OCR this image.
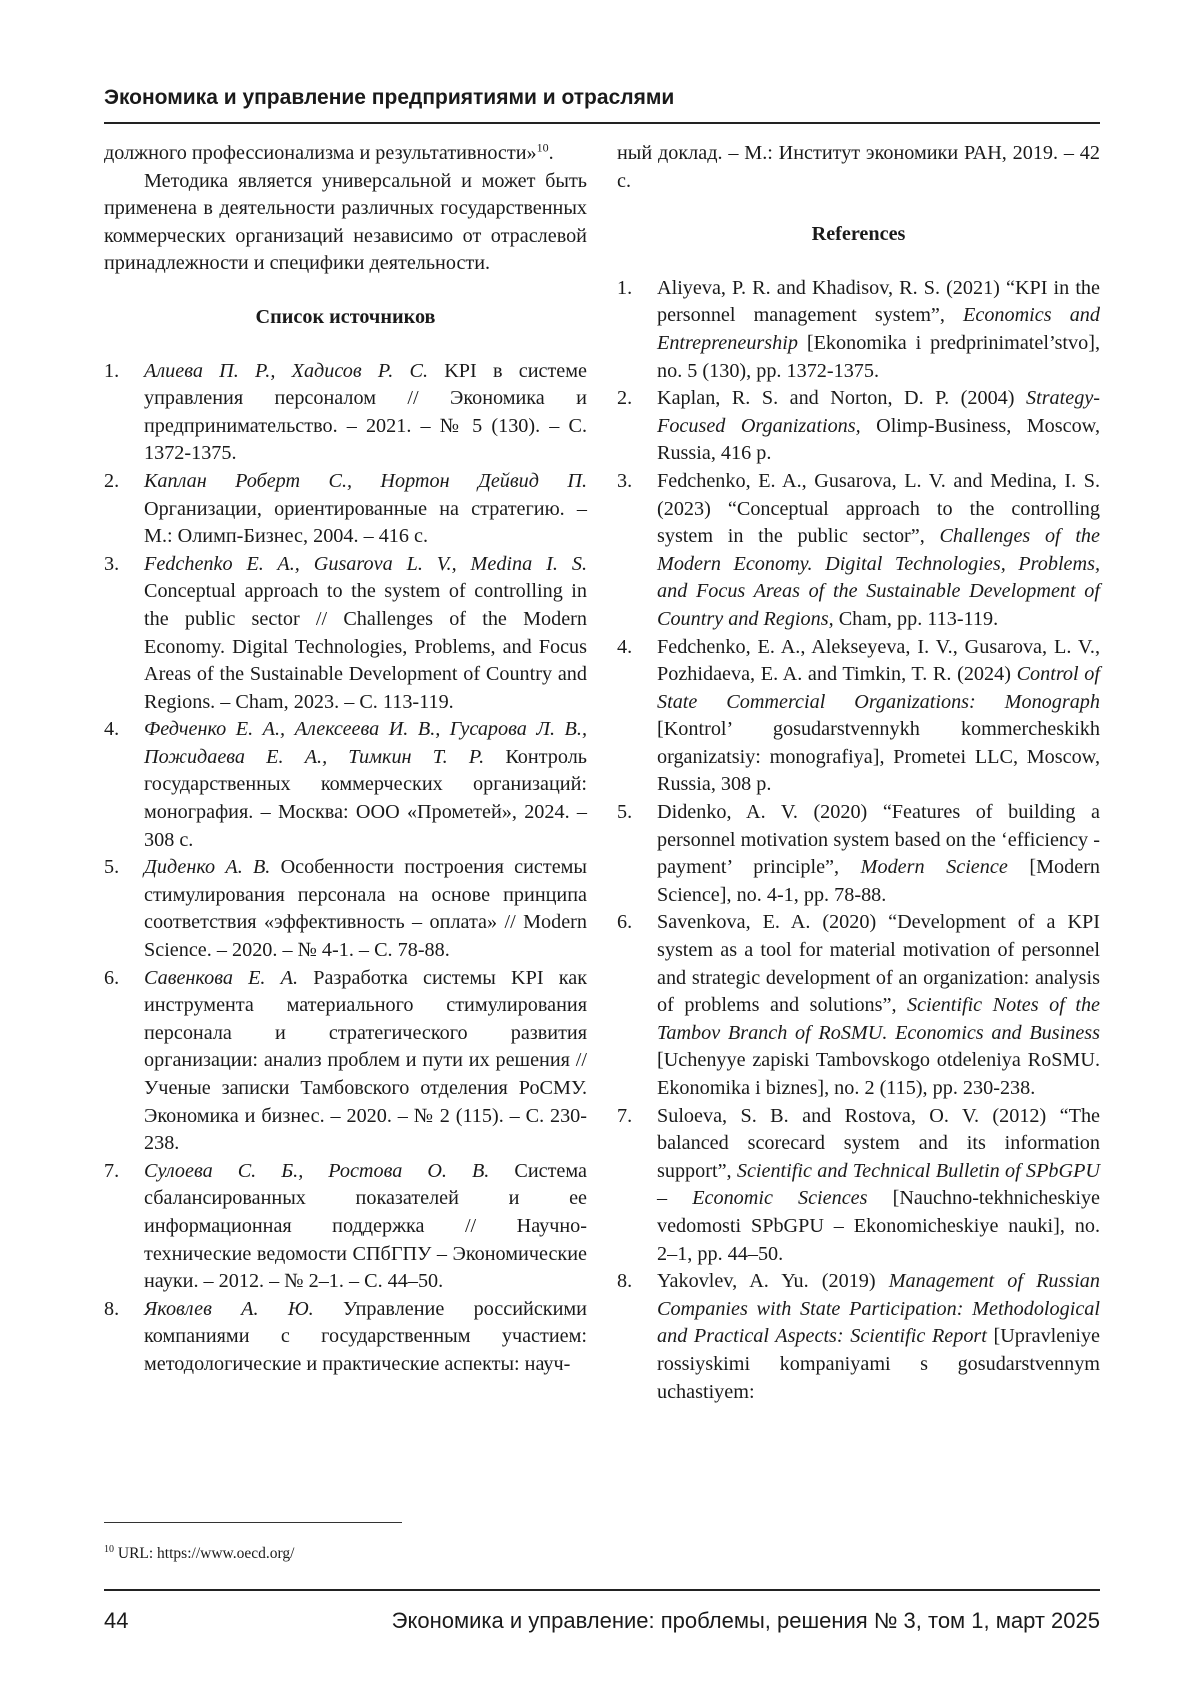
Экономика и управление предприятиями и отраслями

должного профессионализма и результативности»$^{10}$.

Методика является универсальной и может быть применена в деятельности различных государственных коммерческих организаций независимо от отраслевой принадлежности и специфики деятельности.

Список источников

1. Алиева П. Р., Хадисов Р. С. KPI в системе управления персоналом // Экономика и предпринимательство. – 2021. – № 5 (130). – С. 1372-1375.
2. Каплан Роберт С., Нортон Дейвид П. Организации, ориентированные на стратегию. – М.: Олимп-Бизнес, 2004. – 416 с.
3. Fedchenko E. A., Gusarova L. V., Medina I. S. Conceptual approach to the system of controlling in the public sector // Challenges of the Modern Economy. Digital Technologies, Problems, and Focus Areas of the Sustainable Development of Country and Regions. – Cham, 2023. – С. 113-119.
4. Федченко Е. А., Алексеева И. В., Гусарова Л. В., Пожидаева Е. А., Тимкин Т. Р. Контроль государственных коммерческих организаций: монография. – Москва: ООО «Прометей», 2024. – 308 с.
5. Диденко А. В. Особенности построения системы стимулирования персонала на основе принципа соответствия «эффективность – оплата» // Modern Science. – 2020. – № 4-1. – С. 78-88.
6. Савенкова Е. А. Разработка системы KPI как инструмента материального стимулирования персонала и стратегического развития организации: анализ проблем и пути их решения // Ученые записки Тамбовского отделения РоСМУ. Экономика и бизнес. – 2020. – № 2 (115). – С. 230-238.
7. Сулоева С. Б., Ростова О. В. Система сбалансированных показателей и ее информационная поддержка // Научно-технические ведомости СПбГПУ – Экономические науки. – 2012. – № 2–1. – С. 44–50.
8. Яковлев А. Ю. Управление российскими компаниями с государственным участием: методологические и практические аспекты: науч-

ный доклад. – М.: Институт экономики РАН, 2019. – 42 с.

References

1. Aliyeva, P. R. and Khadisov, R. S. (2021) “KPI in the personnel management system”, Economics and Entrepreneurship [Ekonomika i predprinimatel’stvo], no. 5 (130), pp. 1372-1375.
2. Kaplan, R. S. and Norton, D. P. (2004) Strategy-Focused Organizations, Olimp-Business, Moscow, Russia, 416 p.
3. Fedchenko, E. A., Gusarova, L. V. and Medina, I. S. (2023) “Conceptual approach to the controlling system in the public sector”, Challenges of the Modern Economy. Digital Technologies, Problems, and Focus Areas of the Sustainable Development of Country and Regions, Cham, pp. 113-119.
4. Fedchenko, E. A., Alekseyeva, I. V., Gusarova, L. V., Pozhidaeva, E. A. and Timkin, T. R. (2024) Control of State Commercial Organizations: Monograph [Kontrol’ gosudarstvennykh kommercheskikh organizatsiy: monografiya], Prometei LLC, Moscow, Russia, 308 p.
5. Didenko, A. V. (2020) “Features of building a personnel motivation system based on the ‘efficiency - payment’ principle”, Modern Science [Modern Science], no. 4-1, pp. 78-88.
6. Savenkova, E. A. (2020) “Development of a KPI system as a tool for material motivation of personnel and strategic development of an organization: analysis of problems and solutions”, Scientific Notes of the Tambov Branch of RoSMU. Economics and Business [Uchenyye zapiski Tambovskogo otdeleniya RoSMU. Ekonomika i biznes], no. 2 (115), pp. 230-238.
7. Suloeva, S. B. and Rostova, O. V. (2012) “The balanced scorecard system and its information support”, Scientific and Technical Bulletin of SPbGPU – Economic Sciences [Nauchno-tekhnicheskiye vedomosti SPbGPU – Ekonomicheskiye nauki], no. 2–1, pp. 44–50.
8. Yakovlev, A. Yu. (2019) Management of Russian Companies with State Participation: Methodological and Practical Aspects: Scientific Report [Upravleniye rossiyskimi kompaniyami s gosudarstvennym uchastiyem:
$^{10}$ URL: https://www.oecd.org/
44	Экономика и управление: проблемы, решения № 3, том 1, март 2025
